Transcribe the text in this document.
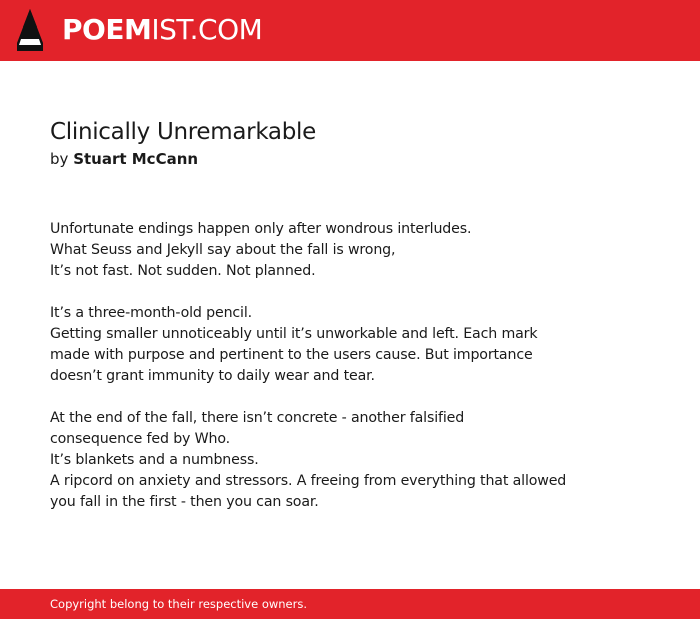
POEMIST.COM
Clinically Unremarkable
by Stuart McCann
Unfortunate endings happen only after wondrous interludes.
What Seuss and Jekyll say about the fall is wrong,
It’s not fast. Not sudden. Not planned.
It’s a three-month-old pencil.
Getting smaller unnoticeably until it’s unworkable and left. Each mark
made with purpose and pertinent to the users cause. But importance
doesn’t grant immunity to daily wear and tear.
At the end of the fall, there isn’t concrete - another falsified
consequence fed by Who.
It’s blankets and a numbness.
A ripcord on anxiety and stressors. A freeing from everything that allowed
you fall in the first - then you can soar.
Copyright belong to their respective owners.
